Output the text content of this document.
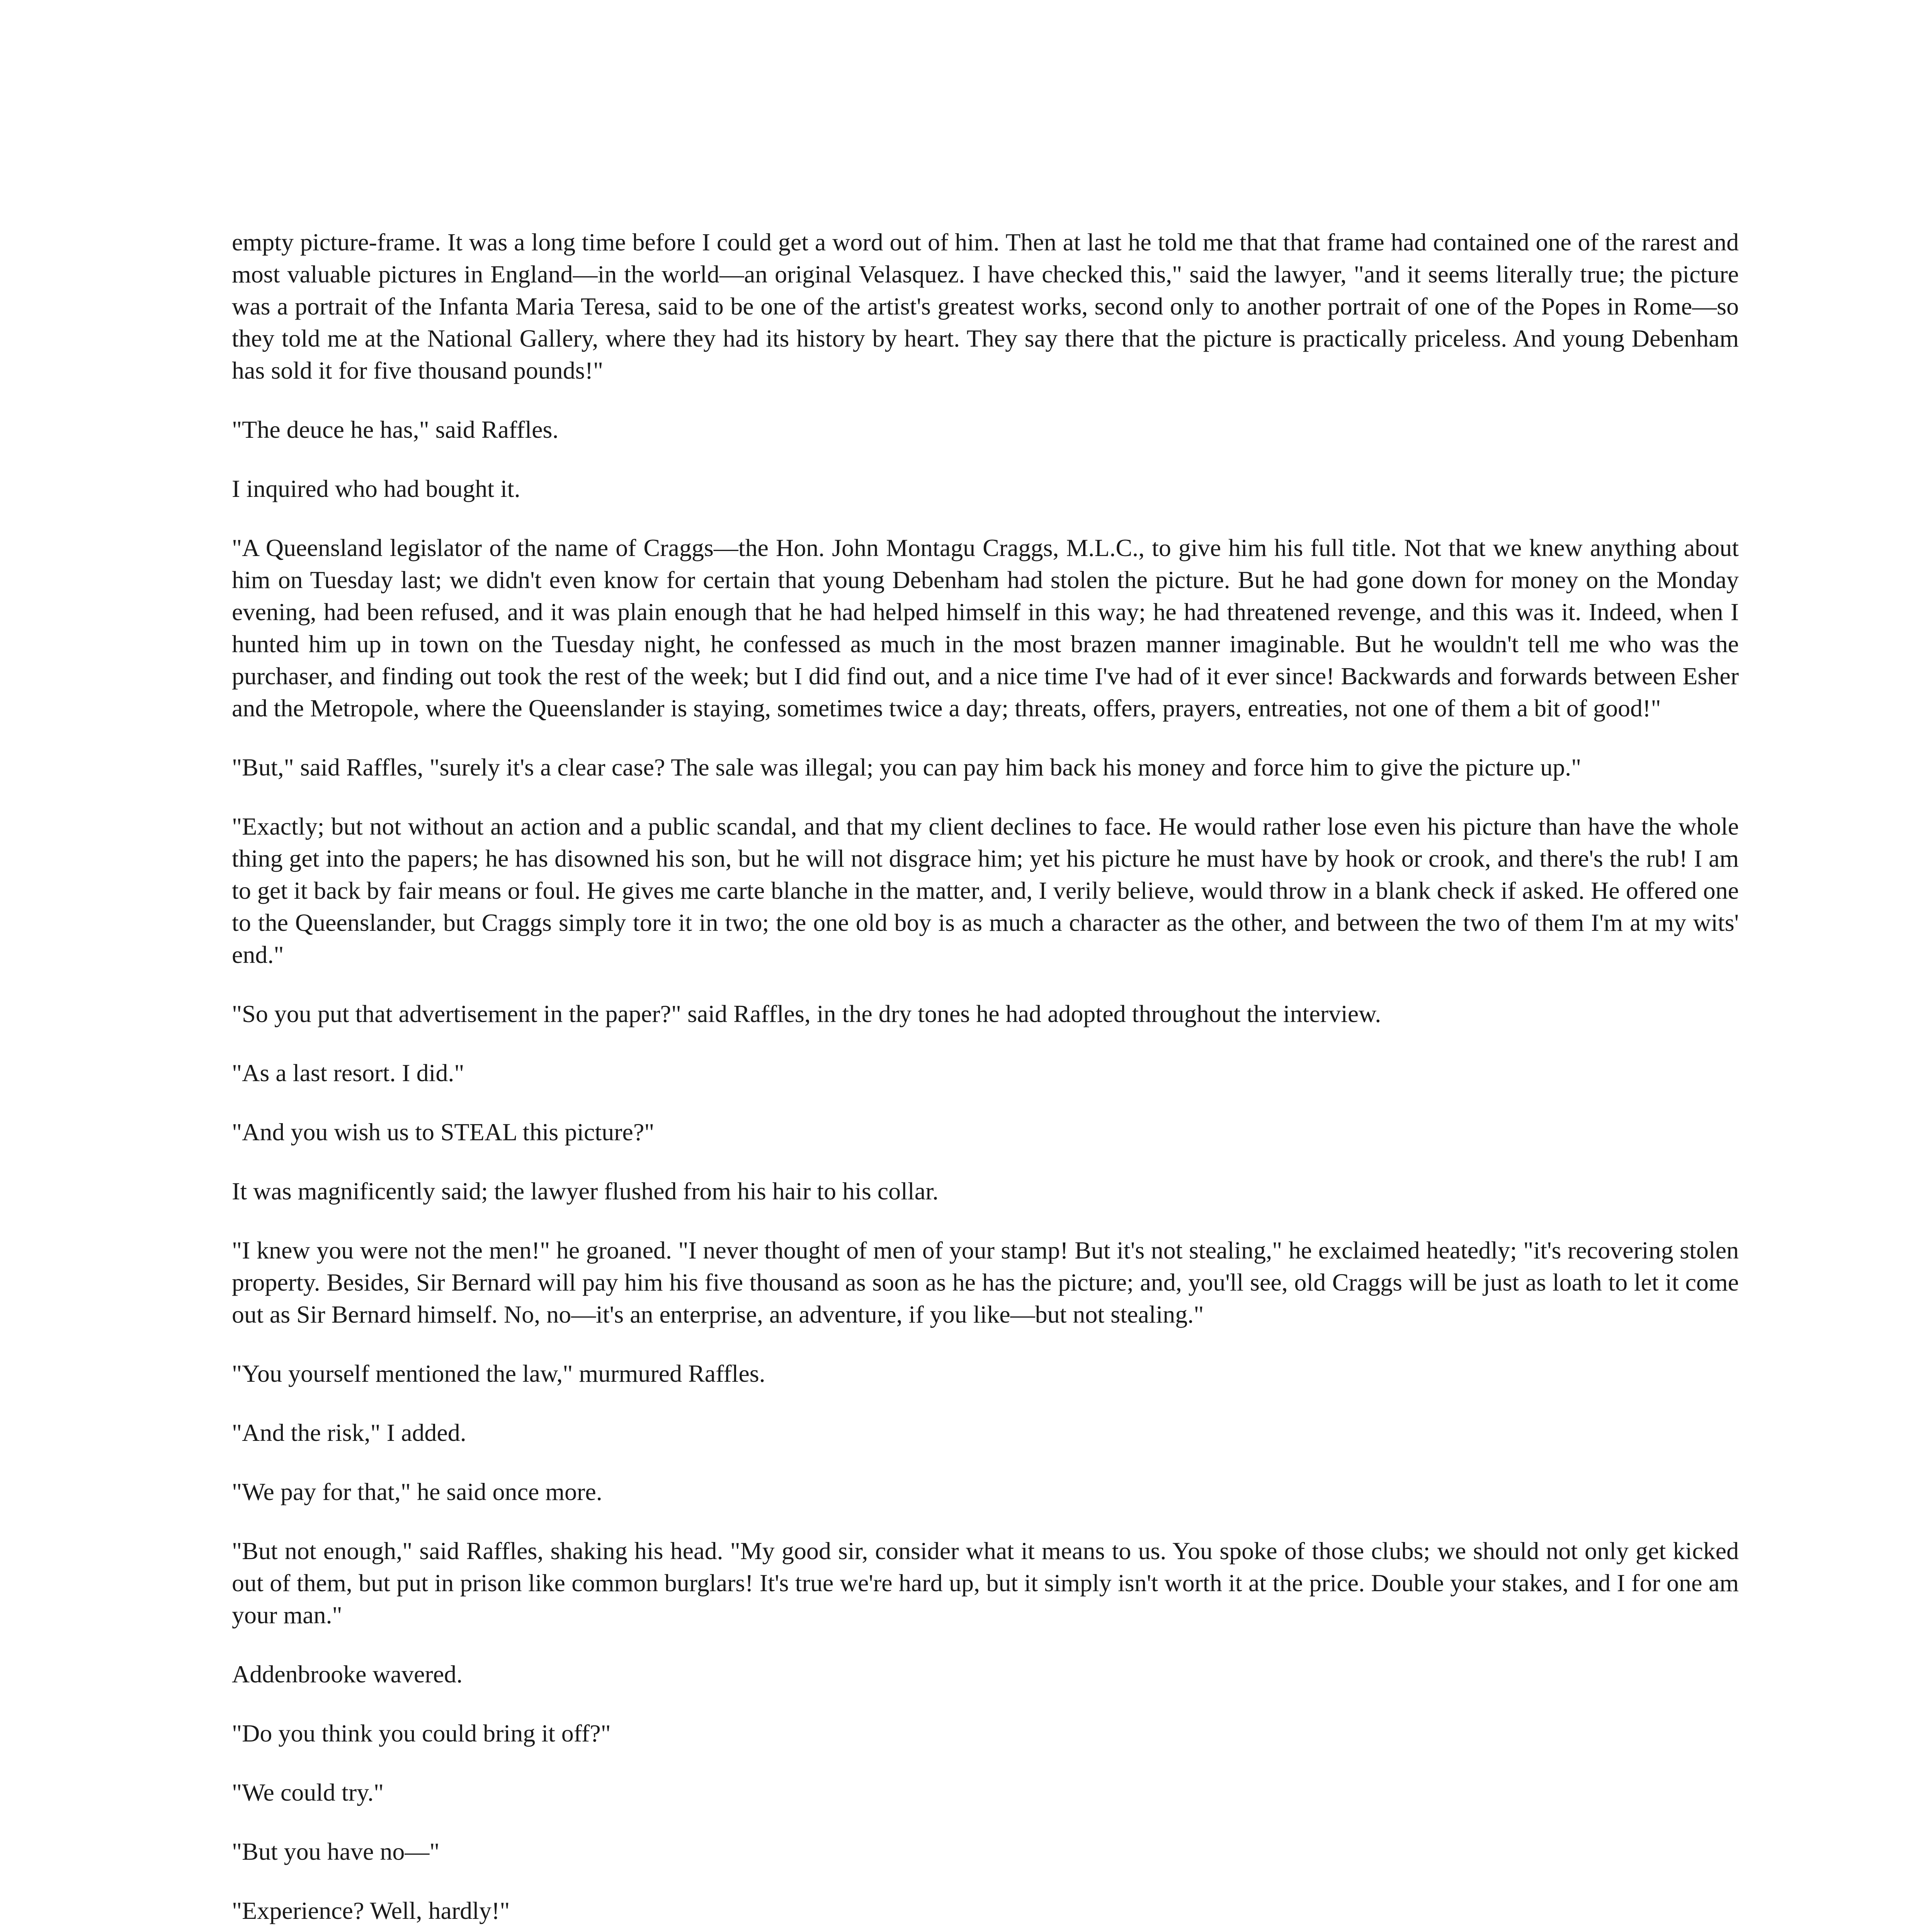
empty picture-frame. It was a long time before I could get a word out of him. Then at last he told me that that frame had contained one of the rarest and most valuable pictures in England—in the world—an original Velasquez. I have checked this," said the lawyer, "and it seems literally true; the picture was a portrait of the Infanta Maria Teresa, said to be one of the artist's greatest works, second only to another portrait of one of the Popes in Rome—so they told me at the National Gallery, where they had its history by heart. They say there that the picture is practically priceless. And young Debenham has sold it for five thousand pounds!"

"The deuce he has," said Raffles.

I inquired who had bought it.

"A Queensland legislator of the name of Craggs—the Hon. John Montagu Craggs, M.L.C., to give him his full title. Not that we knew anything about him on Tuesday last; we didn't even know for certain that young Debenham had stolen the picture. But he had gone down for money on the Monday evening, had been refused, and it was plain enough that he had helped himself in this way; he had threatened revenge, and this was it. Indeed, when I hunted him up in town on the Tuesday night, he confessed as much in the most brazen manner imaginable. But he wouldn't tell me who was the purchaser, and finding out took the rest of the week; but I did find out, and a nice time I've had of it ever since! Backwards and forwards between Esher and the Metropole, where the Queenslander is staying, sometimes twice a day; threats, offers, prayers, entreaties, not one of them a bit of good!"

"But," said Raffles, "surely it's a clear case? The sale was illegal; you can pay him back his money and force him to give the picture up."

"Exactly; but not without an action and a public scandal, and that my client declines to face. He would rather lose even his picture than have the whole thing get into the papers; he has disowned his son, but he will not disgrace him; yet his picture he must have by hook or crook, and there's the rub! I am to get it back by fair means or foul. He gives me carte blanche in the matter, and, I verily believe, would throw in a blank check if asked. He offered one to the Queenslander, but Craggs simply tore it in two; the one old boy is as much a character as the other, and between the two of them I'm at my wits' end."

"So you put that advertisement in the paper?" said Raffles, in the dry tones he had adopted throughout the interview.

"As a last resort. I did."

"And you wish us to STEAL this picture?"

It was magnificently said; the lawyer flushed from his hair to his collar.

"I knew you were not the men!" he groaned. "I never thought of men of your stamp! But it's not stealing," he exclaimed heatedly; "it's recovering stolen property. Besides, Sir Bernard will pay him his five thousand as soon as he has the picture; and, you'll see, old Craggs will be just as loath to let it come out as Sir Bernard himself. No, no—it's an enterprise, an adventure, if you like—but not stealing."

"You yourself mentioned the law," murmured Raffles.

"And the risk," I added.

"We pay for that," he said once more.

"But not enough," said Raffles, shaking his head. "My good sir, consider what it means to us. You spoke of those clubs; we should not only get kicked out of them, but put in prison like common burglars! It's true we're hard up, but it simply isn't worth it at the price. Double your stakes, and I for one am your man."

Addenbrooke wavered.

"Do you think you could bring it off?"

"We could try."

"But you have no—"

"Experience? Well, hardly!"
